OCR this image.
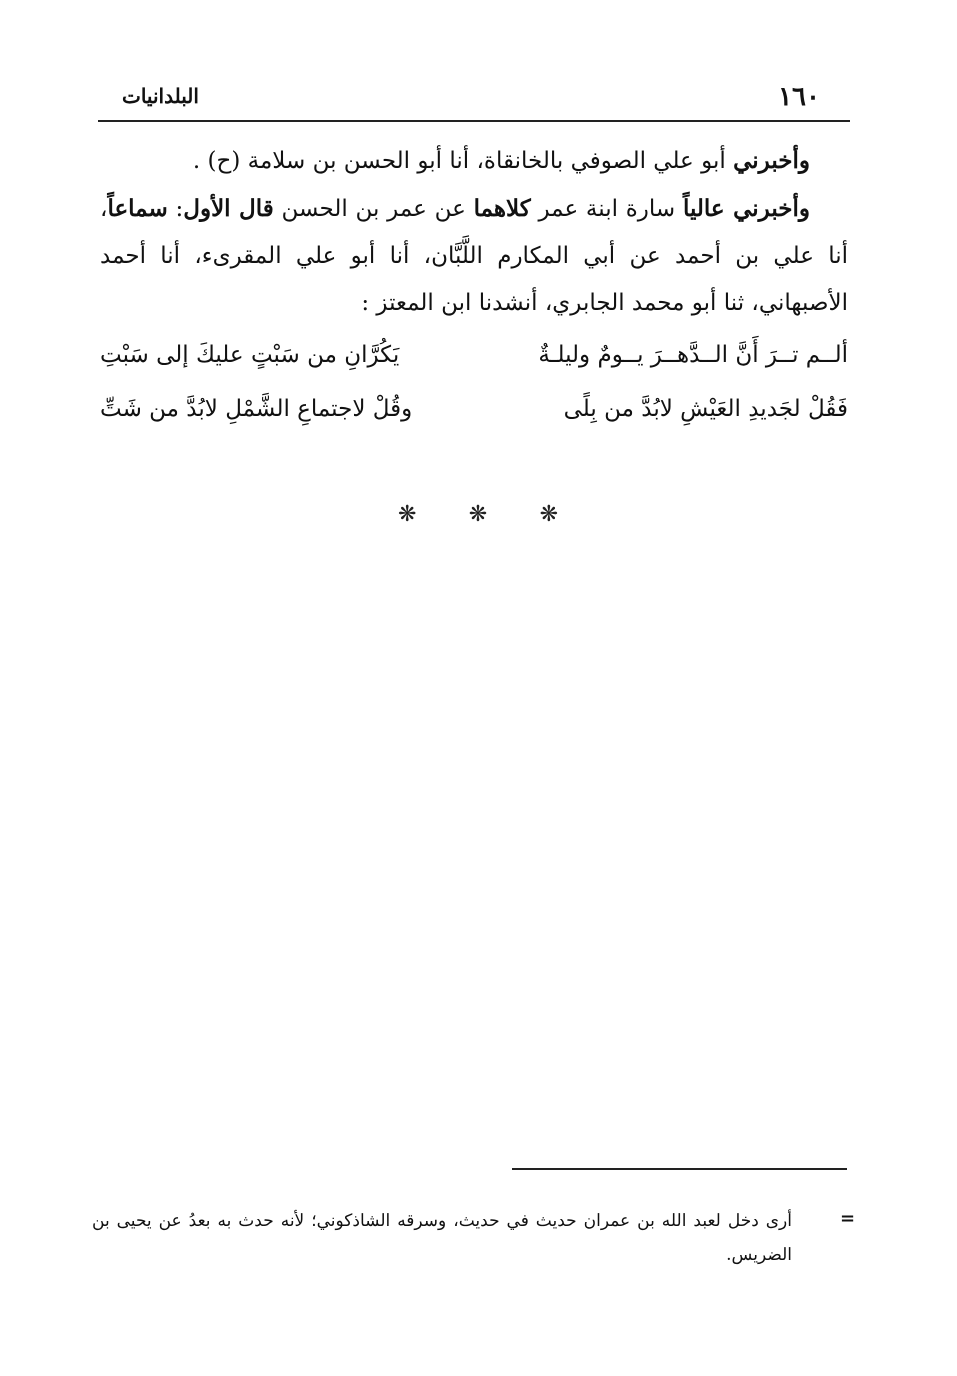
١٦٠
البلدانيات

وأخبرني أبو علي الصوفي بالخانقاة، أنا أبو الحسن بن سلامة (ح) .

وأخبرني عالياً سارة ابنة عمر كلاهما عن عمر بن الحسن قال الأول: سماعاً، أنا علي بن أحمد عن أبي المكارم اللَّبَّان، أنا أبو علي المقرىء، أنا أحمد الأصبهاني، ثنا أبو محمد الجابري، أنشدنا ابن المعتز :

ألــم تــرَ أَنَّ الــدَّهــرَ يــومٌ وليلـةٌ
يَكُرَّانِ من سَبْتٍ عليكَ إلى سَبْتِ
فَقُلْ لجَديدِ العَيْشِ لابُدَّ من بِلًى
وقُلْ لاجتماعِ الشَّمْلِ لابُدَّ من شَتِّ
❋ ❋ ❋
=
أرى دخل لعبد الله بن عمران حديث في حديث، وسرقه الشاذكوني؛ لأنه حدث به بعدُ عن يحيى بن الضريس.
